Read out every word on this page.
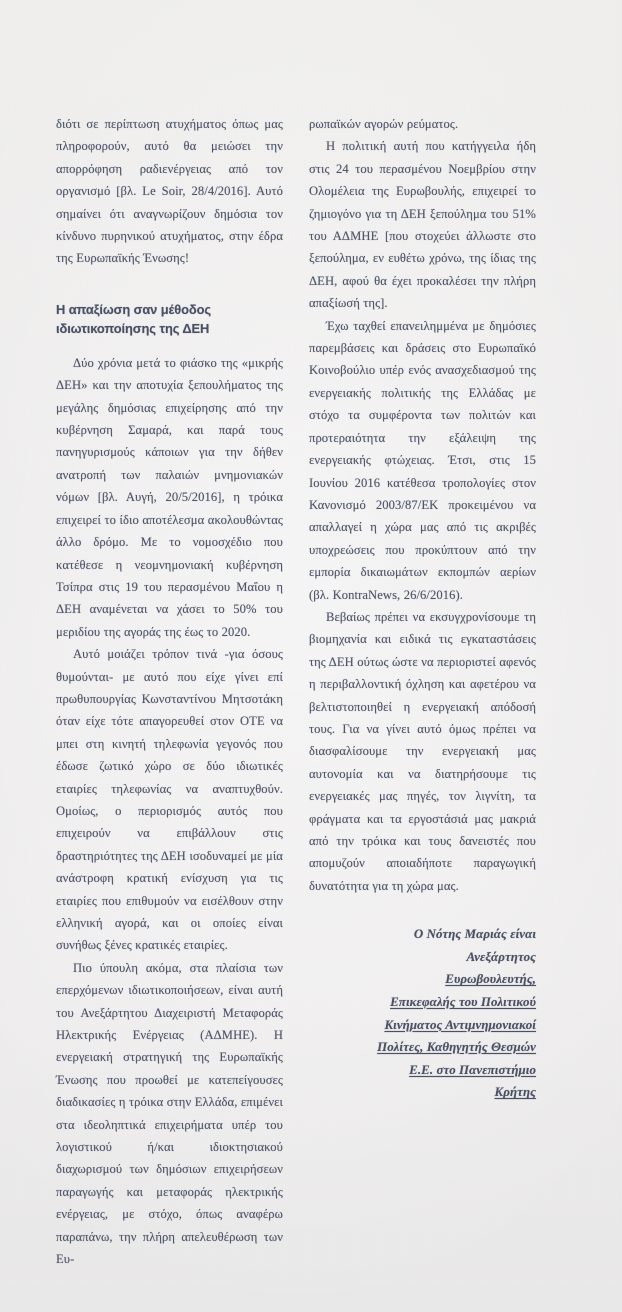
διότι σε περίπτωση ατυχήματος όπως μας πληροφορούν, αυτό θα μειώσει την απορρόφηση ραδιενέργειας από τον οργανισμό [βλ. Le Soir, 28/4/2016]. Αυτό σημαίνει ότι αναγνωρίζουν δημόσια τον κίνδυνο πυρηνικού ατυχήματος, στην έδρα της Ευρωπαϊκής Ένωσης!

Η απαξίωση σαν μέθοδος
ιδιωτικοποίησης της ΔΕΗ

Δύο χρόνια μετά το φιάσκο της «μικρής ΔΕΗ» και την αποτυχία ξεπουλήματος της μεγάλης δημόσιας επιχείρησης από την κυβέρνηση Σαμαρά, και παρά τους πανηγυρισμούς κάποιων για την δήθεν ανατροπή των παλαιών μνημονιακών νόμων [βλ. Αυγή, 20/5/2016], η τρόικα επιχειρεί το ίδιο αποτέλεσμα ακολουθώντας άλλο δρόμο. Με το νομοσχέδιο που κατέθεσε η νεομνημονιακή κυβέρνηση Τσίπρα στις 19 του περασμένου Μαΐου η ΔΕΗ αναμένεται να χάσει το 50% του μεριδίου της αγοράς της έως το 2020.

Αυτό μοιάζει τρόπον τινά -για όσους θυμούνται- με αυτό που είχε γίνει επί πρωθυπουργίας Κωνσταντίνου Μητσοτάκη όταν είχε τότε απαγορευθεί στον ΟΤΕ να μπει στη κινητή τηλεφωνία γεγονός που έδωσε ζωτικό χώρο σε δύο ιδιωτικές εταιρίες τηλεφωνίας να αναπτυχθούν. Ομοίως, ο περιορισμός αυτός που επιχειρούν να επιβάλλουν στις δραστηριότητες της ΔΕΗ ισοδυναμεί με μία ανάστροφη κρατική ενίσχυση για τις εταιρίες που επιθυμούν να εισέλθουν στην ελληνική αγορά, και οι οποίες είναι συνήθως ξένες κρατικές εταιρίες.

Πιο ύπουλη ακόμα, στα πλαίσια των επερχόμενων ιδιωτικοποιήσεων, είναι αυτή του Ανεξάρτητου Διαχειριστή Μεταφοράς Ηλεκτρικής Ενέργειας (ΑΔΜΗΕ). Η ενεργειακή στρατηγική της Ευρωπαϊκής Ένωσης που προωθεί με κατεπείγουσες διαδικασίες η τρόικα στην Ελλάδα, επιμένει στα ιδεοληπτικά επιχειρήματα υπέρ του λογιστικού ή/και ιδιοκτησιακού διαχωρισμού των δημόσιων επιχειρήσεων παραγωγής και μεταφοράς ηλεκτρικής ενέργειας, με στόχο, όπως αναφέρω παραπάνω, την πλήρη απελευθέρωση των Ευ-

ρωπαϊκών αγορών ρεύματος.

Η πολιτική αυτή που κατήγγειλα ήδη στις 24 του περασμένου Νοεμβρίου στην Ολομέλεια της Ευρωβουλής, επιχειρεί το ζημιογόνο για τη ΔΕΗ ξεπούλημα του 51% του ΑΔΜΗΕ [που στοχεύει άλλωστε στο ξεπούλημα, εν ευθέτω χρόνω, της ίδιας της ΔΕΗ, αφού θα έχει προκαλέσει την πλήρη απαξίωσή της].

Έχω ταχθεί επανειλημμένα με δημόσιες παρεμβάσεις και δράσεις στο Ευρωπαϊκό Κοινοβούλιο υπέρ ενός ανασχεδιασμού της ενεργειακής πολιτικής της Ελλάδας με στόχο τα συμφέροντα των πολιτών και προτεραιότητα την εξάλειψη της ενεργειακής φτώχειας. Έτσι, στις 15 Ιουνίου 2016 κατέθεσα τροπολογίες στον Κανονισμό 2003/87/ΕΚ προκειμένου να απαλλαγεί η χώρα μας από τις ακριβές υποχρεώσεις που προκύπτουν από την εμπορία δικαιωμάτων εκπομπών αερίων (βλ. KontraNews, 26/6/2016).

Βεβαίως πρέπει να εκσυγχρονίσουμε τη βιομηχανία και ειδικά τις εγκαταστάσεις της ΔΕΗ ούτως ώστε να περιοριστεί αφενός η περιβαλλοντική όχληση και αφετέρου να βελτιστοποιηθεί η ενεργειακή απόδοσή τους. Για να γίνει αυτό όμως πρέπει να διασφαλίσουμε την ενεργειακή μας αυτονομία και να διατηρήσουμε τις ενεργειακές μας πηγές, τον λιγνίτη, τα φράγματα και τα εργοστάσιά μας μακριά από την τρόικα και τους δανειστές που απομυζούν αποιαδήποτε παραγωγική δυνατότητα για τη χώρα μας.

Ο Νότης Μαριάς είναι
Ανεξάρτητος
Ευρωβουλευτής,
Επικεφαλής του Πολιτικού
Κινήματος Αντιμνημονιακοί
Πολίτες, Καθηγητής Θεσμών
Ε.Ε. στο Πανεπιστήμιο
Κρήτης
